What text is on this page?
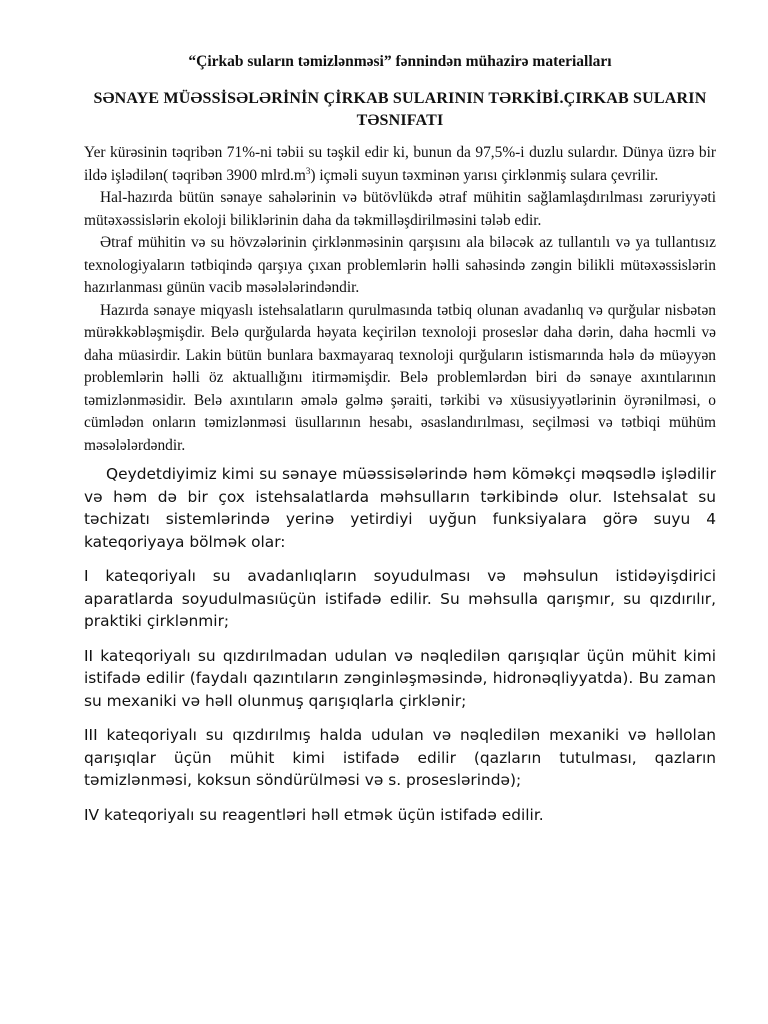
“Çirkab suların təmizlənməsi” fənnindən mühazirə materialları
SƏNAYE MÜƏSSİSƏLƏRİNİN ÇİRKAB SULARININ TƏRKİBİ.ÇIRKAB SULARIN TƏSNIFATI

Yer kürəsinin təqribən 71%-ni təbii su təşkil edir ki, bunun da 97,5%-i duzlu sulardır. Dünya üzrə bir ildə işlədilən( təqribən 3900 $mlrd.m^3$) içməli suyun təxminən yarısı çirklənmiş sulara çevrilir.

Hal-hazırda bütün sənaye sahələrinin və bütövlükdə ətraf mühitin sağlamlaşdırılması zəruriyyəti mütəxəssislərin ekoloji biliklərinin daha da təkmilləşdirilməsini tələb edir.

Ətraf mühitin və su hövzələrinin çirklənməsinin qarşısını ala biləcək az tullantılı və ya tullantısız texnologiyaların tətbiqində qarşıya çıxan problemlərin həlli sahəsində zəngin bilikli mütəxəssislərin hazırlanması günün vacib məsələlərindəndir.

Hazırda sənaye miqyaslı istehsalatların qurulmasında tətbiq olunan avadanlıq və qurğular nisbətən mürəkkəbləşmişdir. Belə qurğularda həyata keçirilən texnoloji proseslər daha dərin, daha həcmli və daha müasirdir. Lakin bütün bunlara baxmayaraq texnoloji qurğuların istismarında hələ də müəyyən problemlərin həlli öz aktuallığını itirməmişdir. Belə problemlərdən biri də sənaye axıntılarının təmizlənməsidir. Belə axıntıların əmələ gəlmə şəraiti, tərkibi və xüsusiyyətlərinin öyrənilməsi, o cümlədən onların təmizlənməsi üsullarının hesabı, əsaslandırılması, seçilməsi və tətbiqi mühüm məsələlərdəndir.

Qeydetdiyimiz kimi su sənaye müəssisələrində həm köməkçi məqsədlə işlədilir və həm də bir çox istehsalatlarda məhsulların tərkibində olur. Istehsalat su təchizatı sistemlərində yerinə yetirdiyi uyğun funksiyalara görə suyu 4 kateqoriyaya bölmək olar:

I kateqoriyalı su avadanlıqların soyudulması və məhsulun istidəyişdirici aparatlarda soyudulmasıüçün istifadə edilir. Su məhsulla qarışmır, su qızdırılır, praktiki çirklənmir;

II kateqoriyalı su qızdırılmadan udulan və nəqledilən qarışıqlar üçün mühit kimi istifadə edilir (faydalı qazıntıların zənginləşməsində, hidronəqliyyatda). Bu zaman su mexaniki və həll olunmuş qarışıqlarla çirklənir;

III kateqoriyalı su qızdırılmış halda udulan və nəqledilən mexaniki və həllolan qarışıqlar üçün mühit kimi istifadə edilir (qazların tutulması, qazların təmizlənməsi, koksun söndürülməsi və s. proseslərində);

IV kateqoriyalı su reagentləri həll etmək üçün istifadə edilir.
